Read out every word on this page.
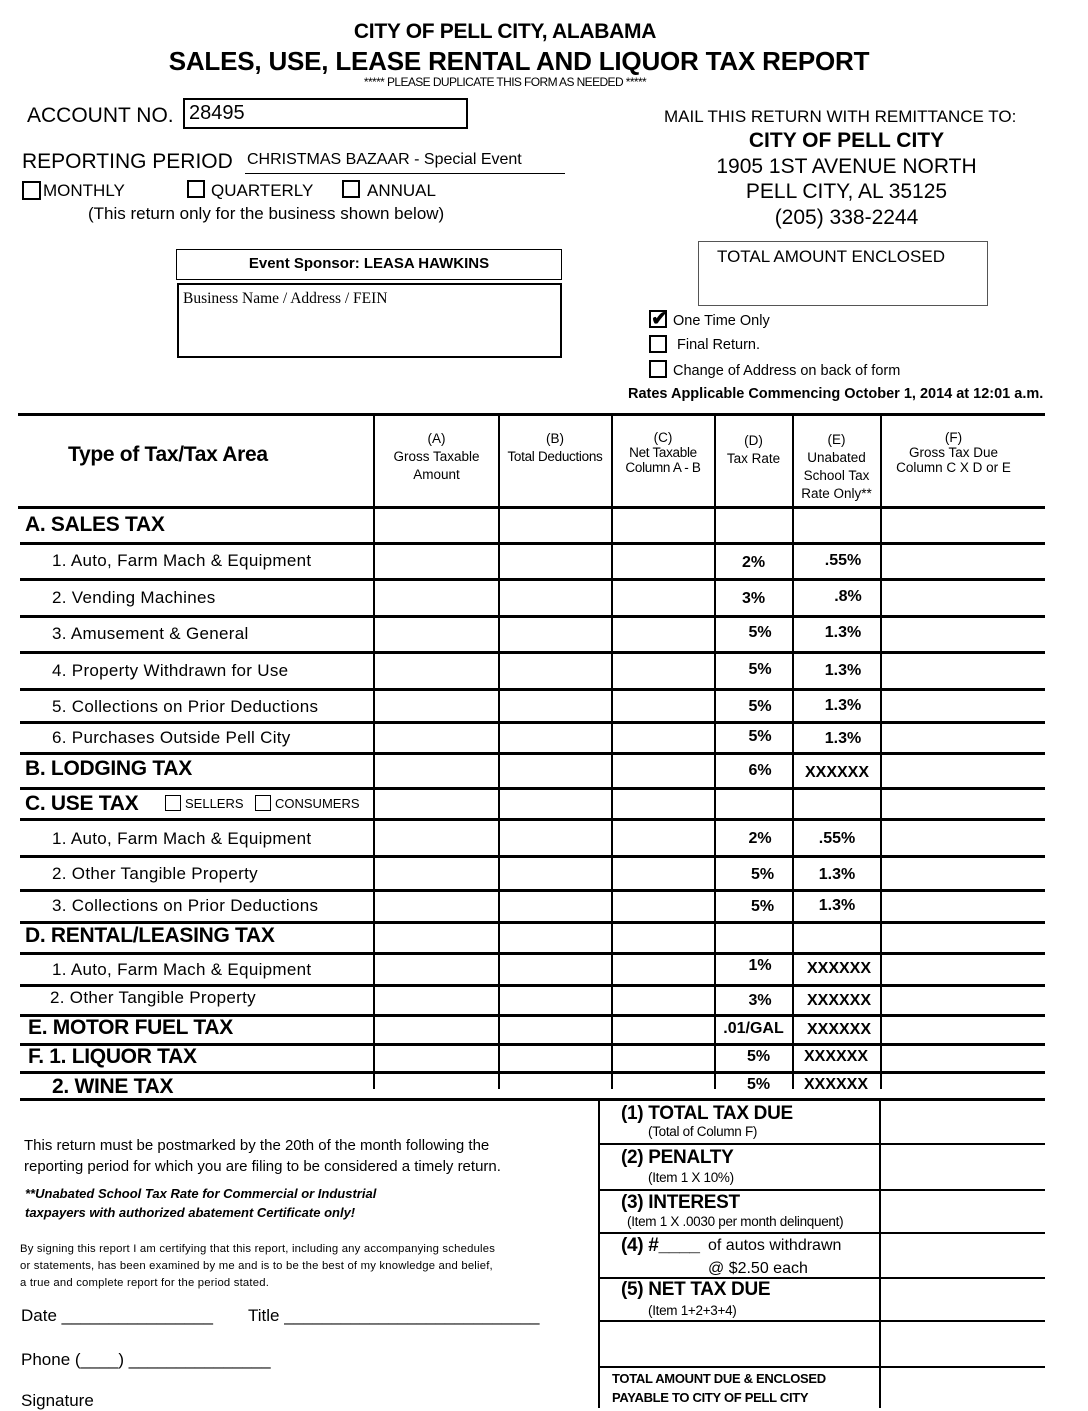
CITY OF PELL CITY, ALABAMA
SALES, USE, LEASE RENTAL AND LIQUOR TAX REPORT
***** PLEASE DUPLICATE THIS FORM AS NEEDED *****
ACCOUNT NO. 28495
REPORTING PERIOD CHRISTMAS BAZAAR - Special Event
MONTHLY	QUARTERLY	ANNUAL
(This return only for the business shown below)
Event Sponsor: LEASA HAWKINS
Business Name / Address / FEIN
MAIL THIS RETURN WITH REMITTANCE TO:
CITY OF PELL CITY
1905 1ST AVENUE NORTH
PELL CITY, AL 35125
(205) 338-2244
TOTAL AMOUNT ENCLOSED
✔ One Time Only
Final Return.
Change of Address on back of form
Rates Applicable Commencing October 1, 2014 at 12:01 a.m.
Type of Tax/Tax Area
(A)
Gross Taxable
Amount
(B)
Total Deductions
(C)
Net Taxable
Column A - B
(D)
Tax Rate
(E)
Unabated
School Tax
Rate Only**
(F)
Gross Tax Due
Column C X D or E
A. SALES TAX
1. Auto, Farm Mach & Equipment	2%	.55%
2. Vending Machines	3%	.8%
3. Amusement & General	5%	1.3%
4. Property Withdrawn for Use	5%	1.3%
5. Collections on Prior Deductions	5%	1.3%
6. Purchases Outside Pell City	5%	1.3%
B. LODGING TAX	6%	XXXXXX
C. USE TAX	SELLERS CONSUMERS
1. Auto, Farm Mach & Equipment	2%	.55%
2. Other Tangible Property	5%	1.3%
3. Collections on Prior Deductions	5%	1.3%
D. RENTAL/LEASING TAX
1. Auto, Farm Mach & Equipment	1%	XXXXXX
2. Other Tangible Property	3%	XXXXXX
E. MOTOR FUEL TAX	.01/GAL	XXXXXX
F. 1. LIQUOR TAX	5%	XXXXXX
2. WINE TAX	5%	XXXXXX
(1) TOTAL TAX DUE
(Total of Column F)
(2) PENALTY
(Item 1 X 10%)
(3) INTEREST
(Item 1 X .0030 per month delinquent)
(4) #____ of autos withdrawn
@ $2.50 each
(5) NET TAX DUE
(Item 1+2+3+4)
TOTAL AMOUNT DUE & ENCLOSED
PAYABLE TO CITY OF PELL CITY
This return must be postmarked by the 20th of the month following the
reporting period for which you are filing to be considered a timely return.
**Unabated School Tax Rate for Commercial or Industrial
taxpayers with authorized abatement Certificate only!
By signing this report I am certifying that this report, including any accompanying schedules
or statements, has been examined by me and is to be the best of my knowledge and belief,
a true and complete report for the period stated.
Date ________________ Title ___________________________
Phone (____) _______________
Signature
